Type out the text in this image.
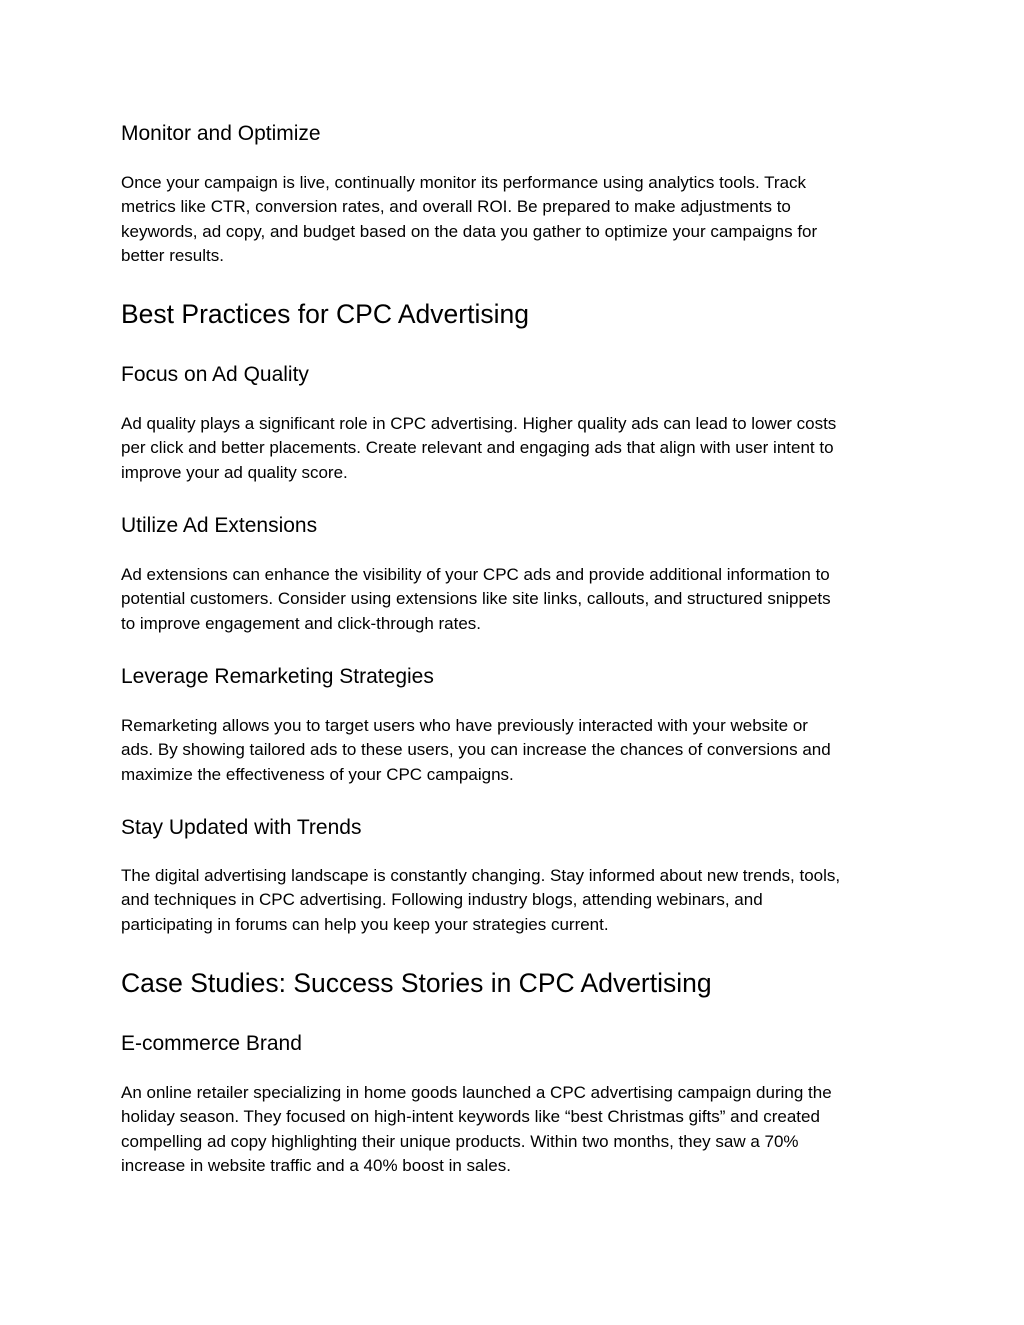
Monitor and Optimize

Once your campaign is live, continually monitor its performance using analytics tools. Track
metrics like CTR, conversion rates, and overall ROI. Be prepared to make adjustments to
keywords, ad copy, and budget based on the data you gather to optimize your campaigns for
better results.

Best Practices for CPC Advertising
Focus on Ad Quality

Ad quality plays a significant role in CPC advertising. Higher quality ads can lead to lower costs
per click and better placements. Create relevant and engaging ads that align with user intent to
improve your ad quality score.

Utilize Ad Extensions

Ad extensions can enhance the visibility of your CPC ads and provide additional information to
potential customers. Consider using extensions like site links, callouts, and structured snippets
to improve engagement and click-through rates.

Leverage Remarketing Strategies

Remarketing allows you to target users who have previously interacted with your website or
ads. By showing tailored ads to these users, you can increase the chances of conversions and
maximize the effectiveness of your CPC campaigns.

Stay Updated with Trends

The digital advertising landscape is constantly changing. Stay informed about new trends, tools,
and techniques in CPC advertising. Following industry blogs, attending webinars, and
participating in forums can help you keep your strategies current.

Case Studies: Success Stories in CPC Advertising
E-commerce Brand

An online retailer specializing in home goods launched a CPC advertising campaign during the
holiday season. They focused on high-intent keywords like “best Christmas gifts” and created
compelling ad copy highlighting their unique products. Within two months, they saw a 70%
increase in website traffic and a 40% boost in sales.
